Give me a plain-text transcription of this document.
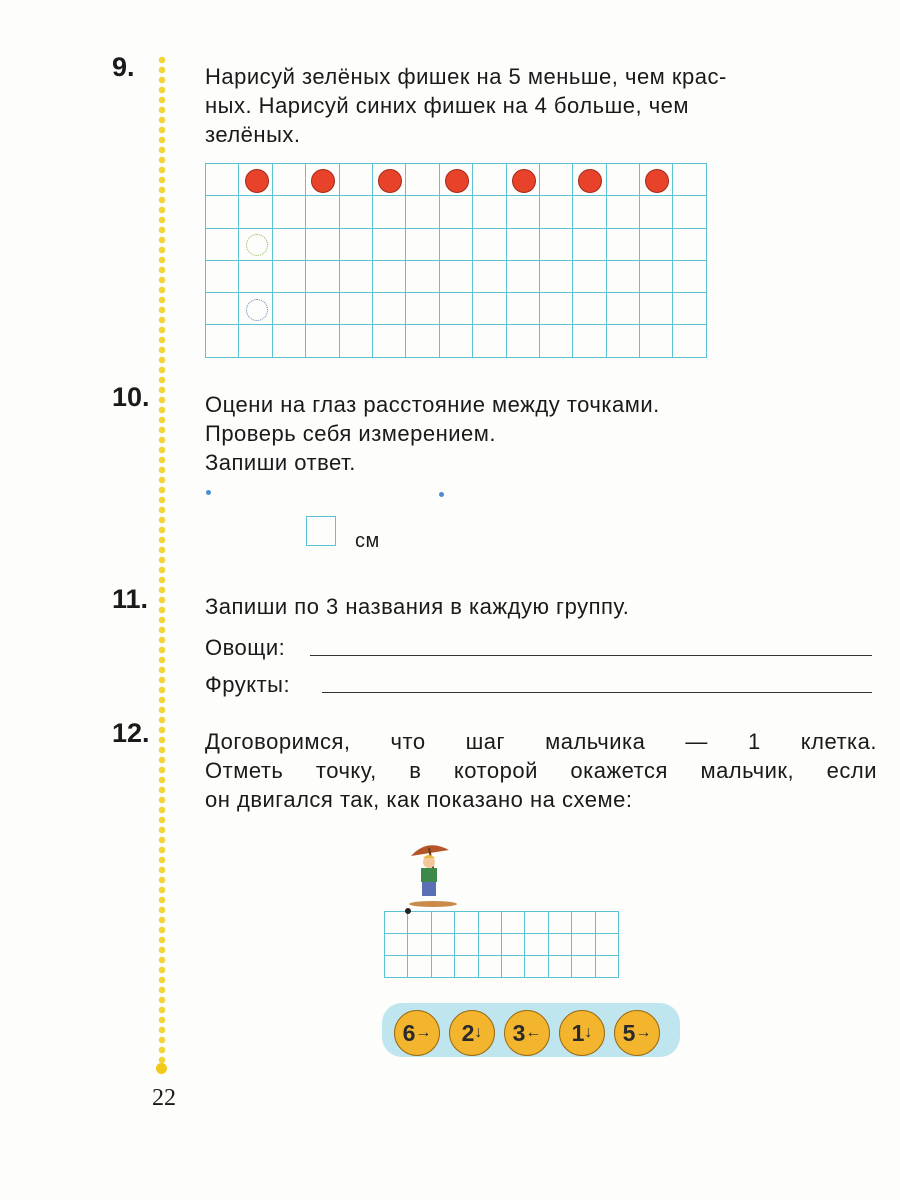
9.	Нарисуй зелёных фишек на 5 меньше, чем крас-
ных. Нарисуй синих фишек на 4 больше, чем
зелёных.
10.	Оцени на глаз расстояние между точками.
Проверь себя измерением.
Запиши ответ.
см
11.	Запиши по 3 названия в каждую группу.
Овощи:
Фрукты:
12.	Договоримся, что шаг мальчика — 1 клетка.
Отметь точку, в которой окажется мальчик, если
он двигался так, как показано на схеме:
6 → 2 ↓ 3 ← 1 ↓ 5 →
22
